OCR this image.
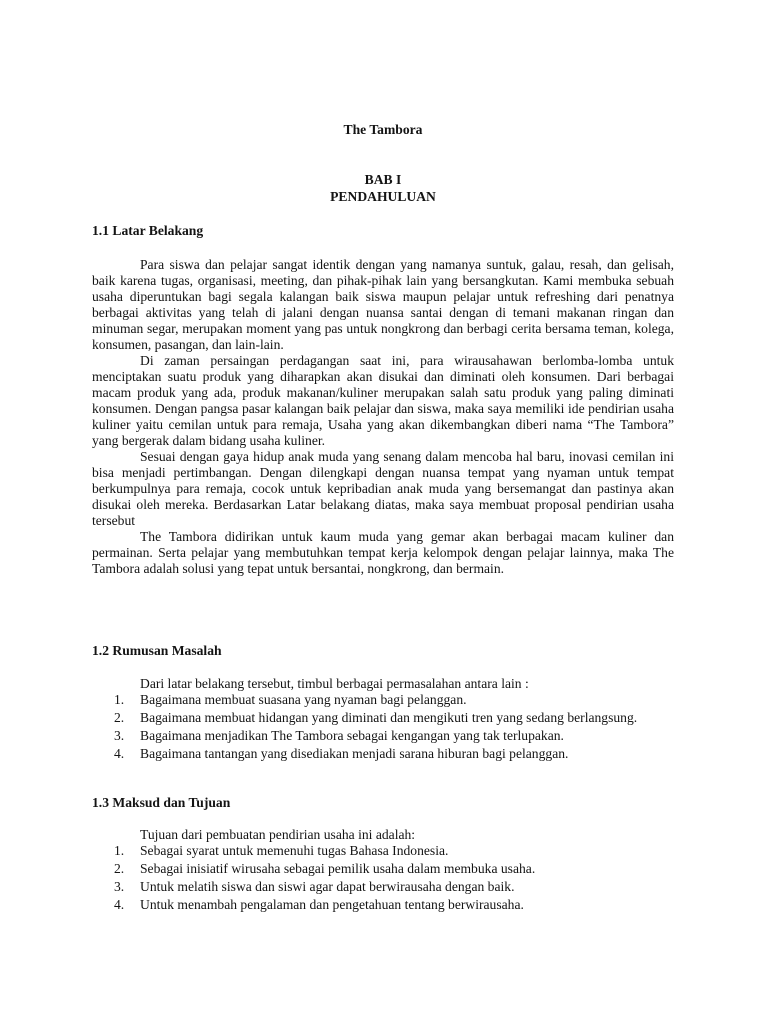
The Tambora
BAB I
PENDAHULUAN
1.1 Latar Belakang

Para siswa dan pelajar sangat identik dengan yang namanya suntuk, galau, resah, dan gelisah, baik karena tugas, organisasi, meeting, dan pihak-pihak lain yang bersangkutan. Kami membuka sebuah usaha diperuntukan bagi segala kalangan baik siswa maupun pelajar untuk refreshing dari penatnya berbagai aktivitas yang telah di jalani dengan nuansa santai dengan di temani makanan ringan dan minuman segar, merupakan moment yang pas untuk nongkrong dan berbagi cerita bersama teman, kolega, konsumen, pasangan, dan lain-lain.

Di zaman persaingan perdagangan saat ini, para wirausahawan berlomba-lomba untuk menciptakan suatu produk yang diharapkan akan disukai dan diminati oleh konsumen. Dari berbagai macam produk yang ada, produk makanan/kuliner merupakan salah satu produk yang paling diminati konsumen. Dengan pangsa pasar kalangan baik pelajar dan siswa, maka saya memiliki ide pendirian usaha kuliner yaitu cemilan untuk para remaja, Usaha yang akan dikembangkan diberi nama “The Tambora” yang bergerak dalam bidang usaha kuliner.

Sesuai dengan gaya hidup anak muda yang senang dalam mencoba hal baru, inovasi cemilan ini bisa menjadi pertimbangan. Dengan dilengkapi dengan nuansa tempat yang nyaman untuk tempat berkumpulnya para remaja, cocok untuk kepribadian anak muda yang bersemangat dan pastinya akan disukai oleh mereka. Berdasarkan Latar belakang diatas, maka saya membuat proposal pendirian usaha tersebut

The Tambora didirikan untuk kaum muda yang gemar akan berbagai macam kuliner dan permainan. Serta pelajar yang membutuhkan tempat kerja kelompok dengan pelajar lainnya, maka The Tambora adalah solusi yang tepat untuk bersantai, nongkrong, dan bermain.

1.2 Rumusan Masalah

Dari latar belakang tersebut, timbul berbagai permasalahan antara lain :

1. Bagaimana membuat suasana yang nyaman bagi pelanggan.
2. Bagaimana membuat hidangan yang diminati dan mengikuti tren yang sedang berlangsung.
3. Bagaimana menjadikan The Tambora sebagai kengangan yang tak terlupakan.
4. Bagaimana tantangan yang disediakan menjadi sarana hiburan bagi pelanggan.
1.3 Maksud dan Tujuan

Tujuan dari pembuatan pendirian usaha ini adalah:

1. Sebagai syarat untuk memenuhi tugas Bahasa Indonesia.
2. Sebagai inisiatif wirusaha sebagai pemilik usaha dalam membuka usaha.
3. Untuk melatih siswa dan siswi agar dapat berwirausaha dengan baik.
4. Untuk menambah pengalaman dan pengetahuan tentang berwirausaha.
